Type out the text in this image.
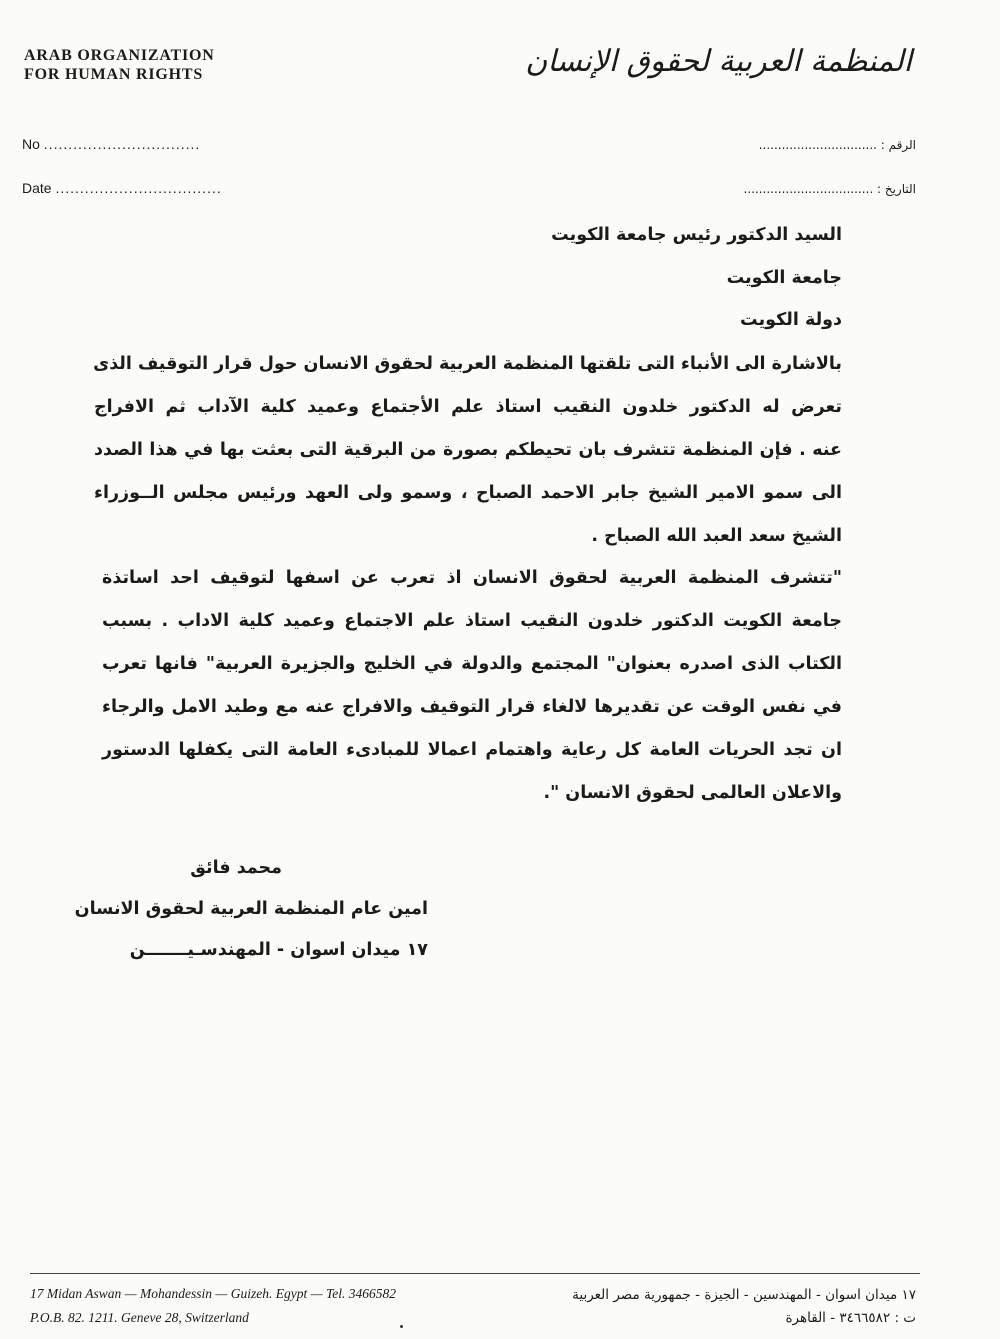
ARAB ORGANIZATION
FOR HUMAN RIGHTS	المنظمة العربية لحقوق الإنسان
No ................................
Date ..................................
الرقم : ...............................
التاريخ : ..................................
السيد الدكتور رئيس جامعة الكويت
جامعة الكويت
دولة الكويت
بالاشارة الى الأنباء التى تلقتها المنظمة العربية لحقوق الانسان حول قرار التوقيف الذى
تعرض له الدكتور خلدون النقيب استاذ علم الأجتماع وعميد كلية الآداب ثم الافراج
عنه . فإن المنظمة تتشرف بان تحيطكم بصورة من البرقية التى بعثت بها في هذا الصدد
الى سمو الامير الشيخ جابر الاحمد الصباح ، وسمو ولى العهد ورئيس مجلس الــوزراء
الشيخ سعد العبد الله الصباح .
"تتشرف المنظمة العربية لحقوق الانسان اذ تعرب عن اسفها لتوقيف احد اساتذة
جامعة الكويت الدكتور خلدون النقيب استاذ علم الاجتماع وعميد كلية الاداب . بسبب
الكتاب الذى اصدره بعنوان" المجتمع والدولة في الخليج والجزيرة العربية" فانها تعرب
في نفس الوقت عن تقديرها لالغاء قرار التوقيف والافراج عنه مع وطيد الامل والرجاء
ان تجد الحريات العامة كل رعاية واهتمام اعمالا للمبادىء العامة التى يكفلها الدستور
والاعلان العالمى لحقوق الانسان ".
محمد فائق
امين عام المنظمة العربية لحقوق الانسان
١٧ ميدان اسوان - المهندسـيـــــــن
17 Midan Aswan — Mohandessin — Guizeh. Egypt — Tel. 3466582
P.O.B. 82. 1211. Geneve 28, Switzerland
١٧ ميدان اسوان - المهندسين - الجيزة - جمهورية مصر العربية
ت : ٣٤٦٦٥٨٢ - القاهرة
